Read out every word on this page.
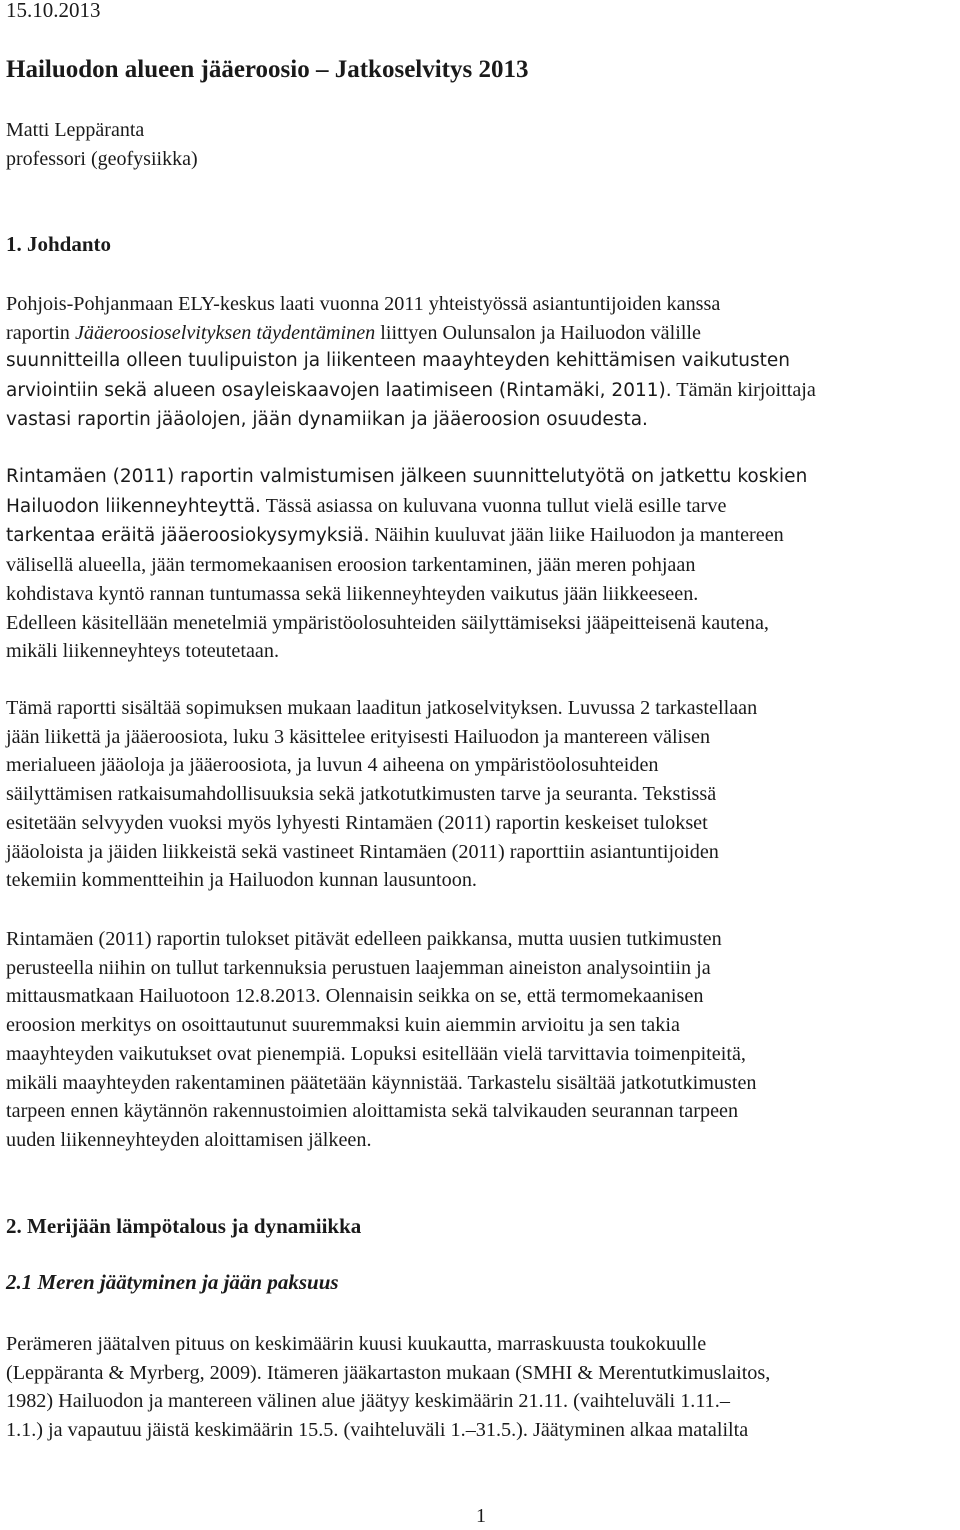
15.10.2013
Hailuodon alueen jääeroosio – Jatkoselvitys 2013
Matti Leppäranta
professori (geofysiikka)
1. Johdanto
Pohjois-Pohjanmaan ELY-keskus laati vuonna 2011 yhteistyössä asiantuntijoiden kanssa
raportin Jääeroosioselvityksen täydentäminen liittyen Oulunsalon ja Hailuodon välille
suunnitteilla olleen tuulipuiston ja liikenteen maayhteyden kehittämisen vaikutusten
arviointiin sekä alueen osayleiskaavojen laatimiseen (Rintamäki, 2011). Tämän kirjoittaja
vastasi raportin jääolojen, jään dynamiikan ja jääeroosion osuudesta.
Rintamäen (2011) raportin valmistumisen jälkeen suunnittelutyötä on jatkettu koskien
Hailuodon liikenneyhteyttä. Tässä asiassa on kuluvana vuonna tullut vielä esille tarve
tarkentaa eräitä jääeroosiokysymyksiä. Näihin kuuluvat jään liike Hailuodon ja mantereen
välisellä alueella, jään termomekaanisen eroosion tarkentaminen, jään meren pohjaan
kohdistava kyntö rannan tuntumassa sekä liikenneyhteyden vaikutus jään liikkeeseen.
Edelleen käsitellään menetelmiä ympäristöolosuhteiden säilyttämiseksi jääpeitteisenä kautena,
mikäli liikenneyhteys toteutetaan.
Tämä raportti sisältää sopimuksen mukaan laaditun jatkoselvityksen. Luvussa 2 tarkastellaan
jään liikettä ja jääeroosiota, luku 3 käsittelee erityisesti Hailuodon ja mantereen välisen
merialueen jääoloja ja jääeroosiota, ja luvun 4 aiheena on ympäristöolosuhteiden
säilyttämisen ratkaisumahdollisuuksia sekä jatkotutkimusten tarve ja seuranta. Tekstissä
esitetään selvyyden vuoksi myös lyhyesti Rintamäen (2011) raportin keskeiset tulokset
jääoloista ja jäiden liikkeistä sekä vastineet Rintamäen (2011) raporttiin asiantuntijoiden
tekemiin kommentteihin ja Hailuodon kunnan lausuntoon.
Rintamäen (2011) raportin tulokset pitävät edelleen paikkansa, mutta uusien tutkimusten
perusteella niihin on tullut tarkennuksia perustuen laajemman aineiston analysointiin ja
mittausmatkaan Hailuotoon 12.8.2013. Olennaisin seikka on se, että termomekaanisen
eroosion merkitys on osoittautunut suuremmaksi kuin aiemmin arvioitu ja sen takia
maayhteyden vaikutukset ovat pienempiä. Lopuksi esitellään vielä tarvittavia toimenpiteitä,
mikäli maayhteyden rakentaminen päätetään käynnistää. Tarkastelu sisältää jatkotutkimusten
tarpeen ennen käytännön rakennustoimien aloittamista sekä talvikauden seurannan tarpeen
uuden liikenneyhteyden aloittamisen jälkeen.
2. Merijään lämpötalous ja dynamiikka
2.1 Meren jäätyminen ja jään paksuus
Perämeren jäätalven pituus on keskimäärin kuusi kuukautta, marraskuusta toukokuulle
(Leppäranta & Myrberg, 2009). Itämeren jääkartaston mukaan (SMHI & Merentutkimuslaitos,
1982) Hailuodon ja mantereen välinen alue jäätyy keskimäärin 21.11. (vaihteluväli 1.11.–
1.1.) ja vapautuu jäistä keskimäärin 15.5. (vaihteluväli 1.–31.5.). Jäätyminen alkaa matalilta
1
